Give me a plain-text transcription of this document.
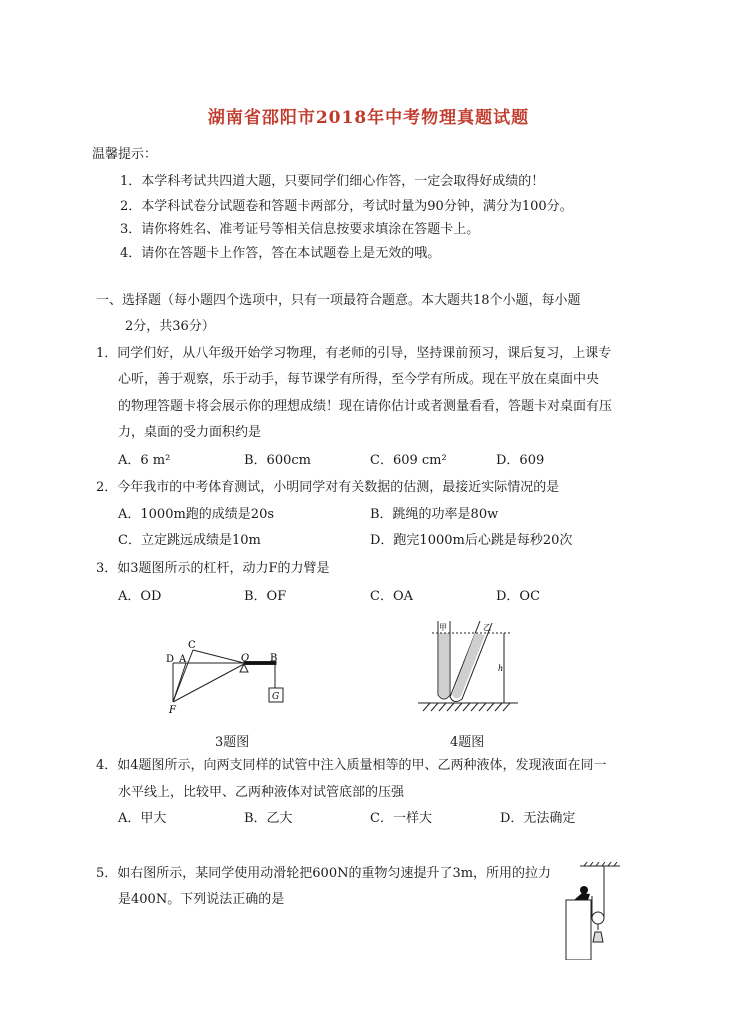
湖南省邵阳市2018年中考物理真题试题
温馨提示：
1．本学科考试共四道大题，只要同学们细心作答，一定会取得好成绩的！
2．本学科试卷分试题卷和答题卡两部分，考试时量为90分钟，满分为100分。
3．请你将姓名、准考证号等相关信息按要求填涂在答题卡上。
4．请你在答题卡上作答，答在本试题卷上是无效的哦。
一、选择题（每小题四个选项中，只有一项最符合题意。本大题共18个小题，每小题
2分，共36分）
1．同学们好，从八年级开始学习物理，有老师的引导，坚持课前预习，课后复习，上课专
心听，善于观察，乐于动手，每节课学有所得，至今学有所成。现在平放在桌面中央
的物理答题卡将会展示你的理想成绩！现在请你估计或者测量看看，答题卡对桌面有压
力，桌面的受力面积约是
A．6 m²	B．600cm	C．609 cm²	D．609
2．今年我市的中考体育测试，小明同学对有关数据的估测，最接近实际情况的是
A．1000m跑的成绩是20s	B．跳绳的功率是80w
C．立定跳远成绩是10m	D．跑完1000m后心跳是每秒20次
3．如3题图所示的杠杆，动力F的力臂是
A．OD	B．OF	C．OA	D．OC
D A
C
O B
F
G
甲	乙
h
3题图	4题图
4．如4题图所示，向两支同样的试管中注入质量相等的甲、乙两种液体，发现液面在同一
水平线上，比较甲、乙两种液体对试管底部的压强
A．甲大	B．乙大	C．一样大	D．无法确定
5．如右图所示，某同学使用动滑轮把600N的重物匀速提升了3m，所用的拉力
是400N。下列说法正确的是
